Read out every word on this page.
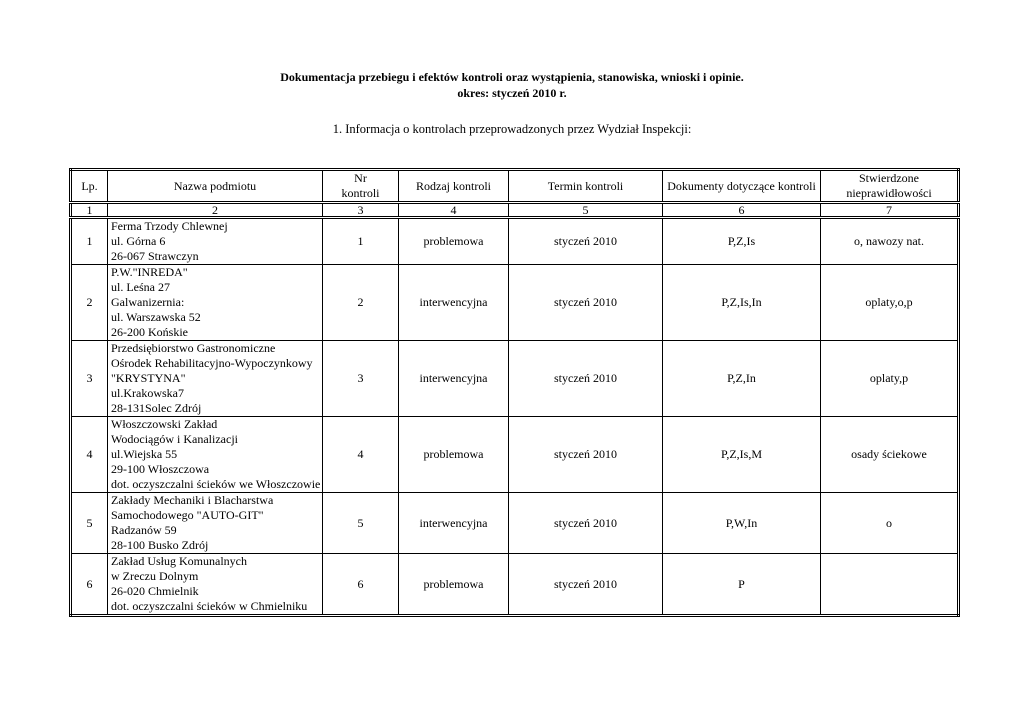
Dokumentacja przebiegu i efektów kontroli oraz wystąpienia, stanowiska, wnioski i opinie.
okres: styczeń 2010 r.
1. Informacja o kontrolach przeprowadzonych przez Wydział Inspekcji:
Lp.	Nazwa podmiotu	Nr
kontroli	Rodzaj kontroli	Termin kontroli	Dokumenty dotyczące kontroli	Stwierdzone
nieprawidłowości
1	2	3	4	5	6	7
1	Ferma Trzody Chlewnej
ul. Górna 6
26-067 Strawczyn	1	problemowa	styczeń 2010	P,Z,Is	o, nawozy nat.
2	P.W."INREDA"
ul. Leśna 27
Galwanizernia:
ul. Warszawska 52
26-200 Końskie	2	interwencyjna	styczeń 2010	P,Z,Is,In	oplaty,o,p
3	Przedsiębiorstwo Gastronomiczne
Ośrodek Rehabilitacyjno-Wypoczynkowy
"KRYSTYNA"
ul.Krakowska7
28-131Solec Zdrój	3	interwencyjna	styczeń 2010	P,Z,In	oplaty,p
4	Włoszczowski Zakład
Wodociągów i Kanalizacji
ul.Wiejska 55
29-100 Włoszczowa
dot. oczyszczalni ścieków we Włoszczowie	4	problemowa	styczeń 2010	P,Z,Is,M	osady ściekowe
5	Zakłady Mechaniki i Blacharstwa
Samochodowego "AUTO-GIT"
Radzanów 59
28-100 Busko Zdrój	5	interwencyjna	styczeń 2010	P,W,In	o
6	Zakład Usług Komunalnych
w Zreczu Dolnym
26-020 Chmielnik
dot. oczyszczalni ścieków w Chmielniku	6	problemowa	styczeń 2010	P	
